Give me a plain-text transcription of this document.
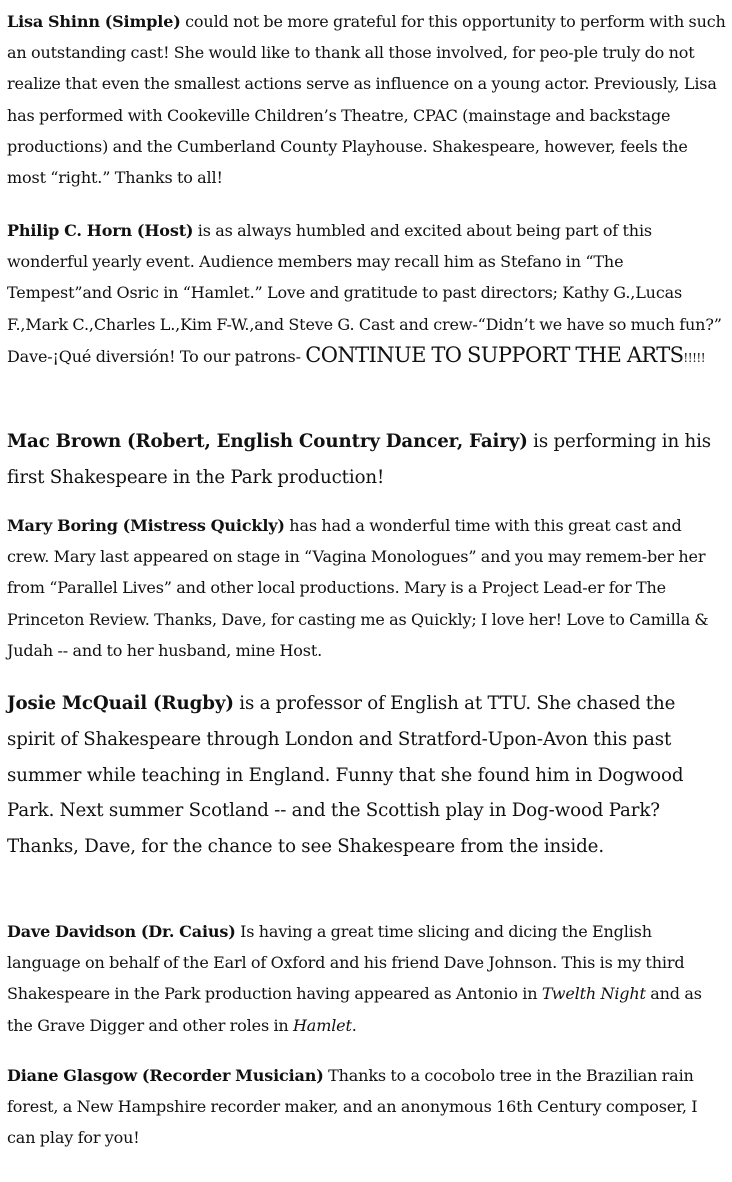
Lisa Shinn (Simple) could not be more grateful for this opportunity to perform with such an outstanding cast! She would like to thank all those involved, for peo-ple truly do not realize that even the smallest actions serve as influence on a young actor. Previously, Lisa has performed with Cookeville Children’s Theatre, CPAC (mainstage and backstage productions) and the Cumberland County Playhouse. Shakespeare, however, feels the most “right.” Thanks to all!

Philip C. Horn (Host) is as always humbled and excited about being part of this wonderful yearly event. Audience members may recall him as Stefano in “The Tempest”and Osric in “Hamlet.” Love and gratitude to past directors; Kathy G.,Lucas F.,Mark C.,Charles L.,Kim F-W.,and Steve G. Cast and crew-“Didn’t we have so much fun?” Dave-¡Qué diversión! To our patrons- CONTINUE TO SUPPORT THE ARTS!!!!!

Mac Brown (Robert, English Country Dancer, Fairy) is performing in his first Shakespeare in the Park production!

Mary Boring (Mistress Quickly) has had a wonderful time with this great cast and crew. Mary last appeared on stage in “Vagina Monologues” and you may remem-ber her from “Parallel Lives” and other local productions. Mary is a Project Lead-er for The Princeton Review. Thanks, Dave, for casting me as Quickly; I love her! Love to Camilla & Judah -- and to her husband, mine Host.

Josie McQuail (Rugby) is a professor of English at TTU. She chased the spirit of Shakespeare through London and Stratford-Upon-Avon this past summer while teaching in England. Funny that she found him in Dogwood Park. Next summer Scotland -- and the Scottish play in Dog-wood Park? Thanks, Dave, for the chance to see Shakespeare from the inside.

Dave Davidson (Dr. Caius) Is having a great time slicing and dicing the English language on behalf of the Earl of Oxford and his friend Dave Johnson. This is my third Shakespeare in the Park production having appeared as Antonio in Twelth Night and as the Grave Digger and other roles in Hamlet.

Diane Glasgow (Recorder Musician) Thanks to a cocobolo tree in the Brazilian rain forest, a New Hampshire recorder maker, and an anonymous 16th Century composer, I can play for you!
